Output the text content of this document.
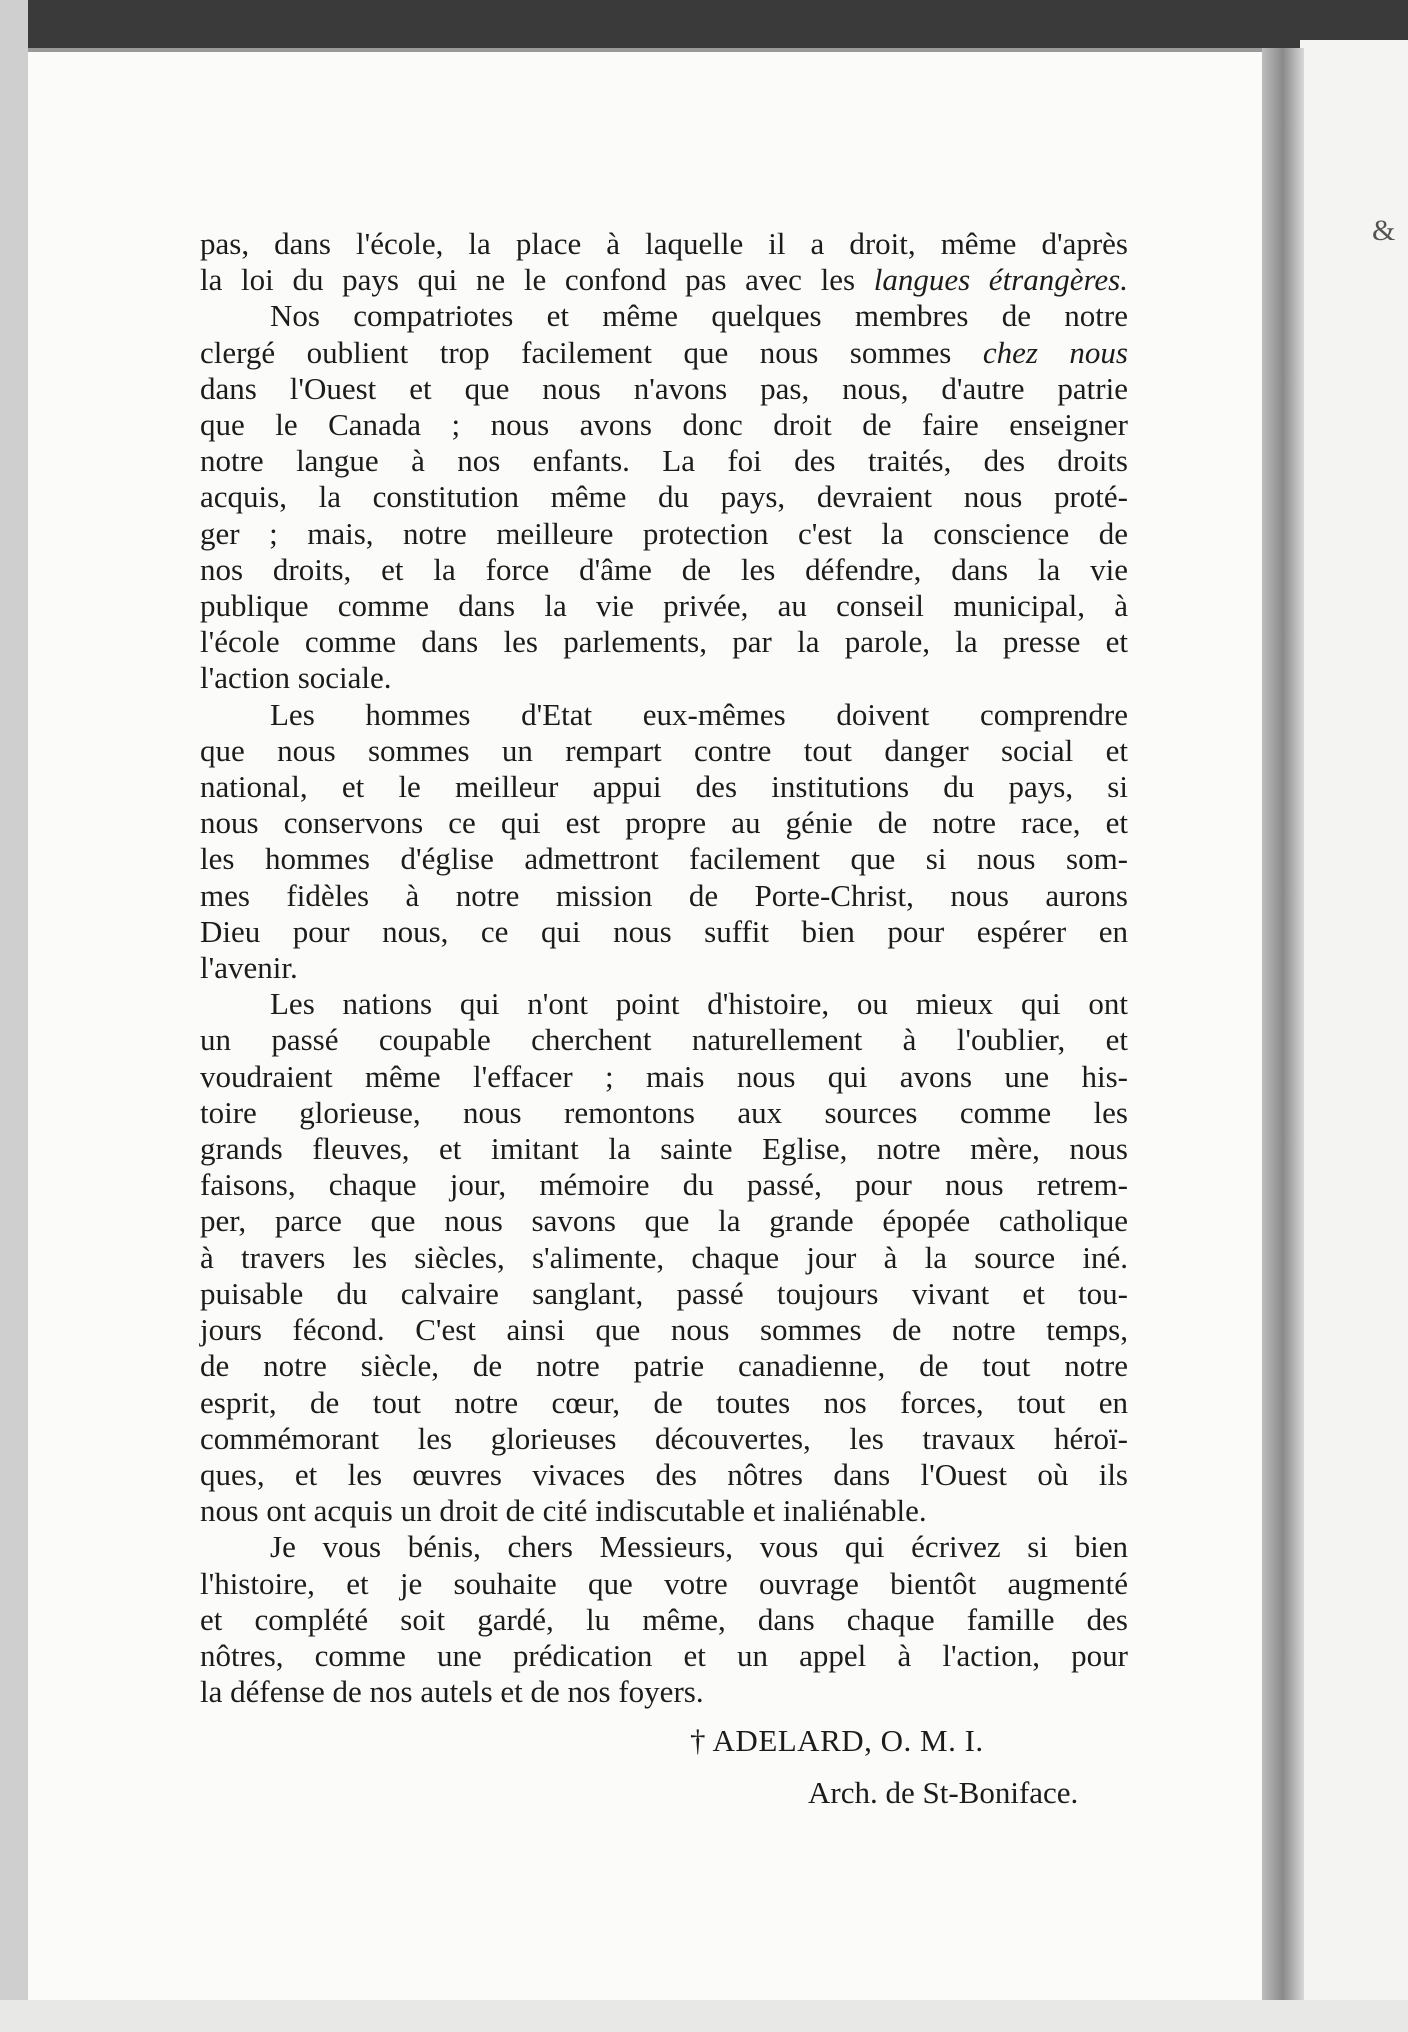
&

pas, dans l'école, la place à laquelle il a droit, même d'après
la loi du pays qui ne le confond pas avec les langues étrangères.

Nos compatriotes et même quelques membres de notre
clergé oublient trop facilement que nous sommes chez nous
dans l'Ouest et que nous n'avons pas, nous, d'autre patrie
que le Canada ; nous avons donc droit de faire enseigner
notre langue à nos enfants. La foi des traités, des droits
acquis, la constitution même du pays, devraient nous proté-
ger ; mais, notre meilleure protection c'est la conscience de
nos droits, et la force d'âme de les défendre, dans la vie
publique comme dans la vie privée, au conseil municipal, à
l'école comme dans les parlements, par la parole, la presse et
l'action sociale.

Les hommes d'Etat eux-mêmes doivent comprendre
que nous sommes un rempart contre tout danger social et
national, et le meilleur appui des institutions du pays, si
nous conservons ce qui est propre au génie de notre race, et
les hommes d'église admettront facilement que si nous som-
mes fidèles à notre mission de Porte-Christ, nous aurons
Dieu pour nous, ce qui nous suffit bien pour espérer en
l'avenir.

Les nations qui n'ont point d'histoire, ou mieux qui ont
un passé coupable cherchent naturellement à l'oublier, et
voudraient même l'effacer ; mais nous qui avons une his-
toire glorieuse, nous remontons aux sources comme les
grands fleuves, et imitant la sainte Eglise, notre mère, nous
faisons, chaque jour, mémoire du passé, pour nous retrem-
per, parce que nous savons que la grande épopée catholique
à travers les siècles, s'alimente, chaque jour à la source iné.
puisable du calvaire sanglant, passé toujours vivant et tou-
jours fécond. C'est ainsi que nous sommes de notre temps,
de notre siècle, de notre patrie canadienne, de tout notre
esprit, de tout notre cœur, de toutes nos forces, tout en
commémorant les glorieuses découvertes, les travaux héroï-
ques, et les œuvres vivaces des nôtres dans l'Ouest où ils
nous ont acquis un droit de cité indiscutable et inaliénable.

Je vous bénis, chers Messieurs, vous qui écrivez si bien
l'histoire, et je souhaite que votre ouvrage bientôt augmenté
et complété soit gardé, lu même, dans chaque famille des
nôtres, comme une prédication et un appel à l'action, pour
la défense de nos autels et de nos foyers.

† ADELARD, O. M. I.
Arch. de St-Boniface.
